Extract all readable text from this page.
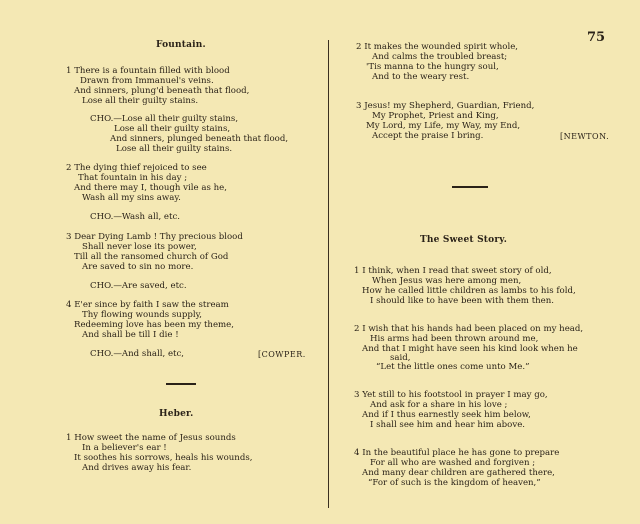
75
Fountain.
1 There is a fountain filled with blood
Drawn from Immanuel's veins.
And sinners, plung'd beneath that flood,
Lose all their guilty stains.
CHO.—Lose all their guilty stains,
Lose all their guilty stains,
And sinners, plunged beneath that flood,
Lose all their guilty stains.
2 The dying thief rejoiced to see
That fountain in his day ;
And there may I, though vile as he,
Wash all my sins away.
CHO.—Wash all, etc.
3 Dear Dying Lamb ! Thy precious blood
Shall never lose its power,
Till all the ransomed church of God
Are saved to sin no more.
CHO.—Are saved, etc.
4 E'er since by faith I saw the stream
Thy flowing wounds supply,
Redeeming love has been my theme,
And shall be till I die !
CHO.—And shall, etc,	[COWPER.
Heber.
1 How sweet the name of Jesus sounds
In a believer's ear !
It soothes his sorrows, heals his wounds,
And drives away his fear.
2 It makes the wounded spirit whole,
And calms the troubled breast;
'Tis manna to the hungry soul,
And to the weary rest.
3 Jesus! my Shepherd, Guardian, Friend,
My Prophet, Priest and King,
My Lord, my Life, my Way, my End,
Accept the praise I bring.	[NEWTON.
The Sweet Story.
1 I think, when I read that sweet story of old,
When Jesus was here among men,
How he called little children as lambs to his fold,
I should like to have been with them then.
2 I wish that his hands had been placed on my head,
His arms had been thrown around me,
And that I might have seen his kind look when he
said,
“Let the little ones come unto Me.”
3 Yet still to his footstool in prayer I may go,
And ask for a share in his love ;
And if I thus earnestly seek him below,
I shall see him and hear him above.
4 In the beautiful place he has gone to prepare
For all who are washed and forgiven ;
And many dear children are gathered there,
“For of such is the kingdom of heaven,”
